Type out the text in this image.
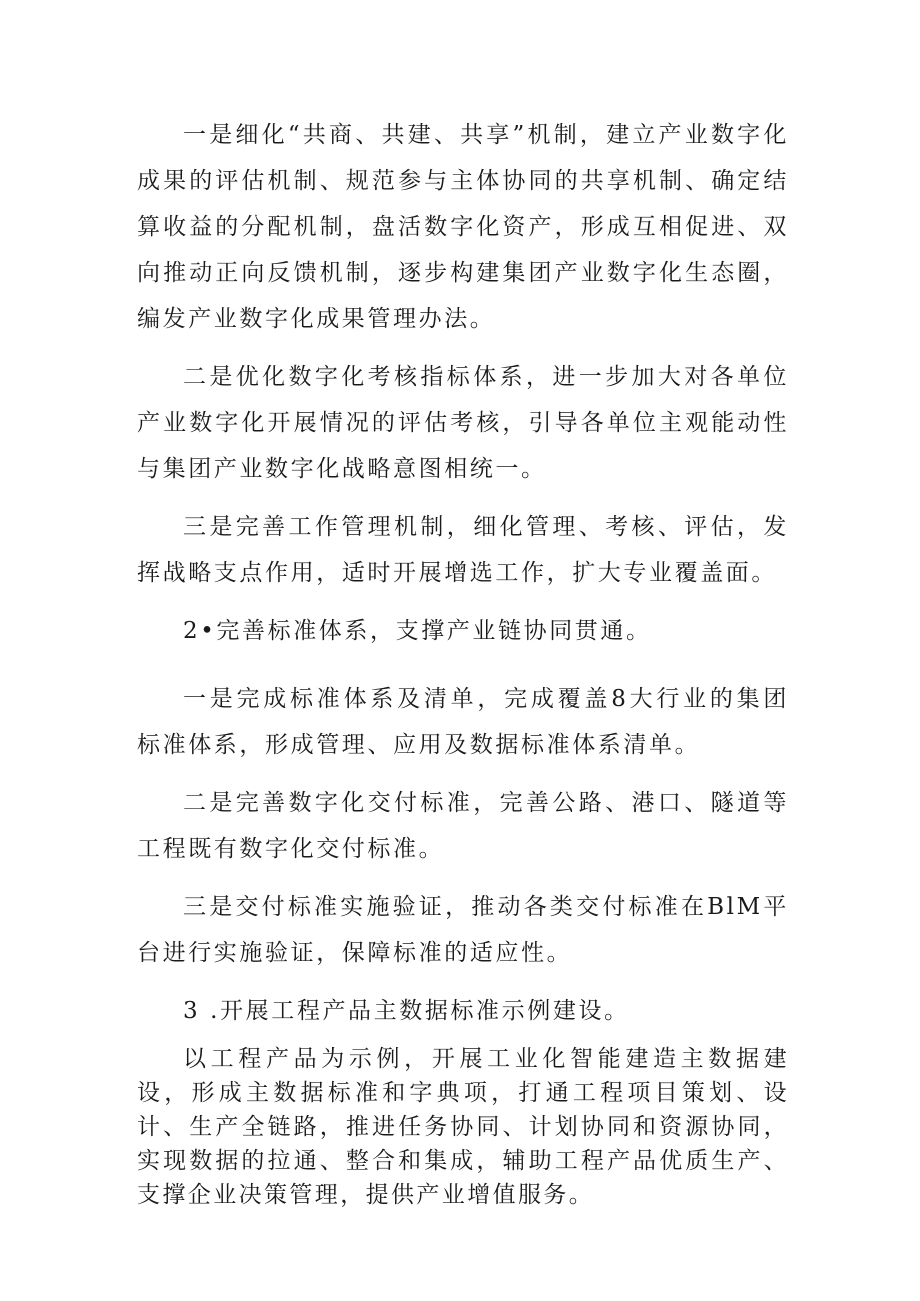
一是细化“共商、共建、共享”机制，建立产业数字化成果的评估机制、规范参与主体协同的共享机制、确定结算收益的分配机制，盘活数字化资产，形成互相促进、双向推动正向反馈机制，逐步构建集团产业数字化生态圈，编发产业数字化成果管理办法。

二是优化数字化考核指标体系，进一步加大对各单位产业数字化开展情况的评估考核，引导各单位主观能动性与集团产业数字化战略意图相统一。

三是完善工作管理机制，细化管理、考核、评估，发挥战略支点作用，适时开展增选工作，扩大专业覆盖面。

2•完善标准体系，支撑产业链协同贯通。

一是完成标准体系及清单，完成覆盖8大行业的集团标准体系，形成管理、应用及数据标准体系清单。

二是完善数字化交付标准，完善公路、港口、隧道等工程既有数字化交付标准。

三是交付标准实施验证，推动各类交付标准在BlM平台进行实施验证，保障标准的适应性。

3 .开展工程产品主数据标准示例建设。

以工程产品为示例，开展工业化智能建造主数据建设，形成主数据标准和字典项，打通工程项目策划、设计、生产全链路，推进任务协同、计划协同和资源协同，实现数据的拉通、整合和集成，辅助工程产品优质生产、支撑企业决策管理，提供产业增值服务。
